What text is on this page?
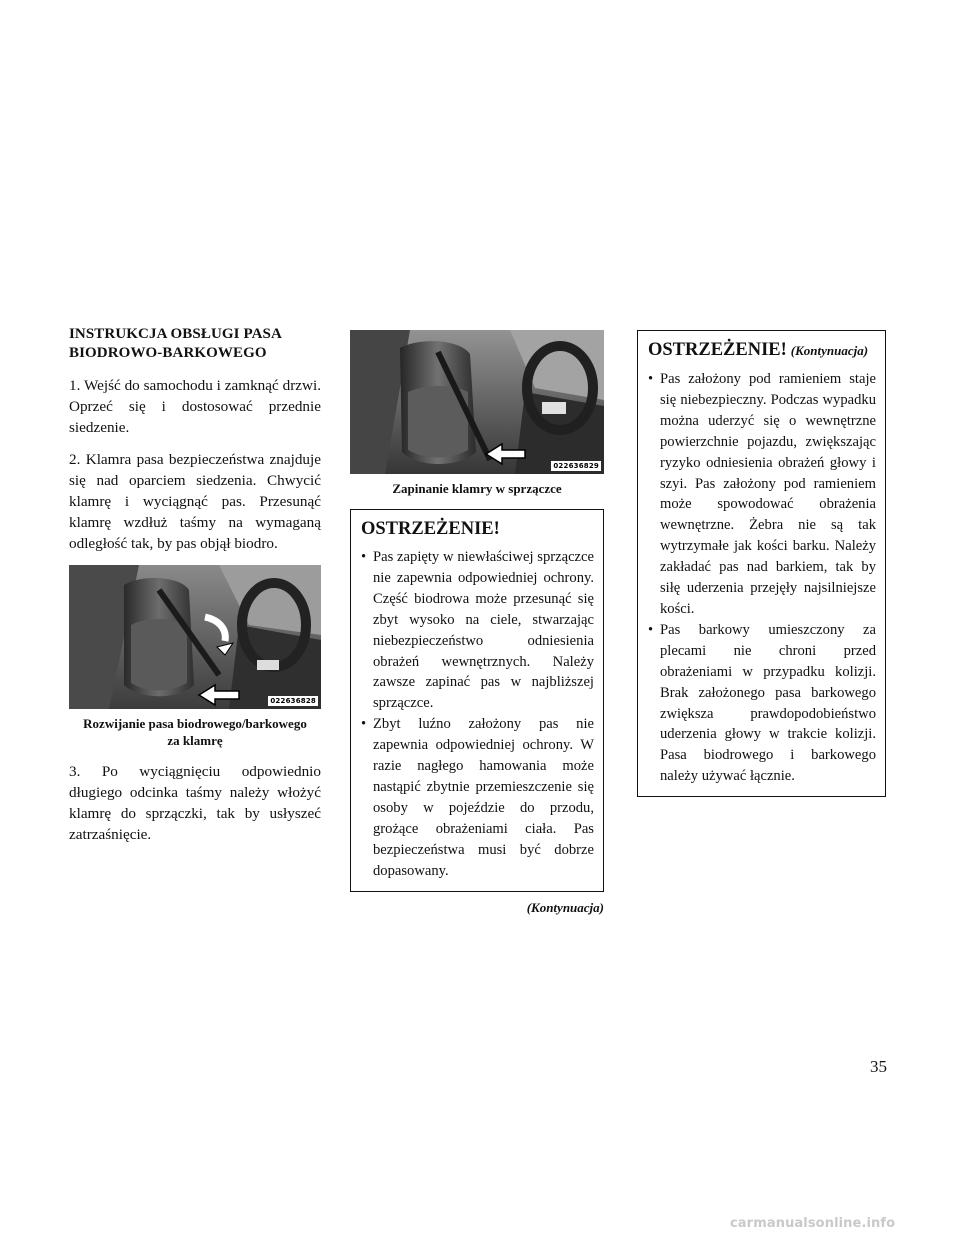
INSTRUKCJA OBSŁUGI PASA
BIODROWO-BARKOWEGO

1. Wejść do samochodu i zamknąć drzwi. Oprzeć się i dostosować przednie siedzenie.

2. Klamra pasa bezpieczeństwa znajduje się nad oparciem siedzenia. Chwycić klamrę i wyciągnąć pas. Przesunąć klamrę wzdłuż taśmy na wymaganą odległość tak, by pas objął biodro.

022636828
Rozwijanie pasa biodrowego/barkowego
za klamrę

3. Po wyciągnięciu odpowiednio długiego odcinka taśmy należy włożyć klamrę do sprzączki, tak by usłyszeć zatrzaśnięcie.

022636829
Zapinanie klamry w sprzączce
OSTRZEŻENIE!
• Pas zapięty w niewłaściwej sprzączce nie zapewnia odpowiedniej ochrony. Część biodrowa może przesunąć się zbyt wysoko na ciele, stwarzając niebezpieczeństwo odniesienia obrażeń wewnętrznych. Należy zawsze zapinać pas w najbliższej sprzączce.
• Zbyt luźno założony pas nie zapewnia odpowiedniej ochrony. W razie nagłego hamowania może nastąpić zbytnie przemieszczenie się osoby w pojeździe do przodu, grożące obrażeniami ciała. Pas bezpieczeństwa musi być dobrze dopasowany.
(Kontynuacja)
OSTRZEŻENIE! (Kontynuacja)
• Pas założony pod ramieniem staje się niebezpieczny. Podczas wypadku można uderzyć się o wewnętrzne powierzchnie pojazdu, zwiększając ryzyko odniesienia obrażeń głowy i szyi. Pas założony pod ramieniem może spowodować obrażenia wewnętrzne. Żebra nie są tak wytrzymałe jak kości barku. Należy zakładać pas nad barkiem, tak by siłę uderzenia przejęły najsilniejsze kości.
• Pas barkowy umieszczony za plecami nie chroni przed obrażeniami w przypadku kolizji. Brak założonego pasa barkowego zwiększa prawdopodobieństwo uderzenia głowy w trakcie kolizji. Pasa biodrowego i barkowego należy używać łącznie.
35
carmanualsonline.info
